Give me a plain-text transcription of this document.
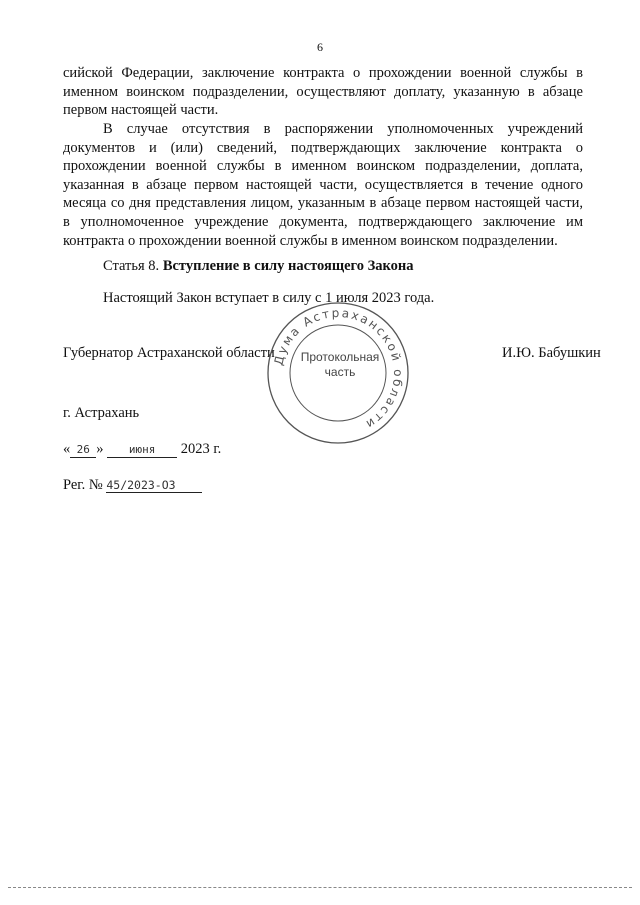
6

сийской Федерации, заключение контракта о прохождении военной службы в именном воинском подразделении, осуществляют доплату, указанную в абзаце первом настоящей части.

В случае отсутствия в распоряжении уполномоченных учреждений документов и (или) сведений, подтверждающих заключение контракта о прохождении военной службы в именном воинском подразделении, доплата, указанная в абзаце первом настоящей части, осуществляется в течение одного месяца со дня представления лицом, указанным в абзаце первом настоящей части, в уполномоченное учреждение документа, подтверждающего заключение им контракта о прохождении военной службы в именном воинском подразделении.

Статья 8. Вступление в силу настоящего Закона
Настоящий Закон вступает в силу с 1 июля 2023 года.
Губернатор Астраханской области	И.Ю. Бабушкин
Дума Астраханской области
Протокольная
часть
г. Астрахань
« 26 » июня 2023 г.
Рег. № 45/2023-ОЗ
